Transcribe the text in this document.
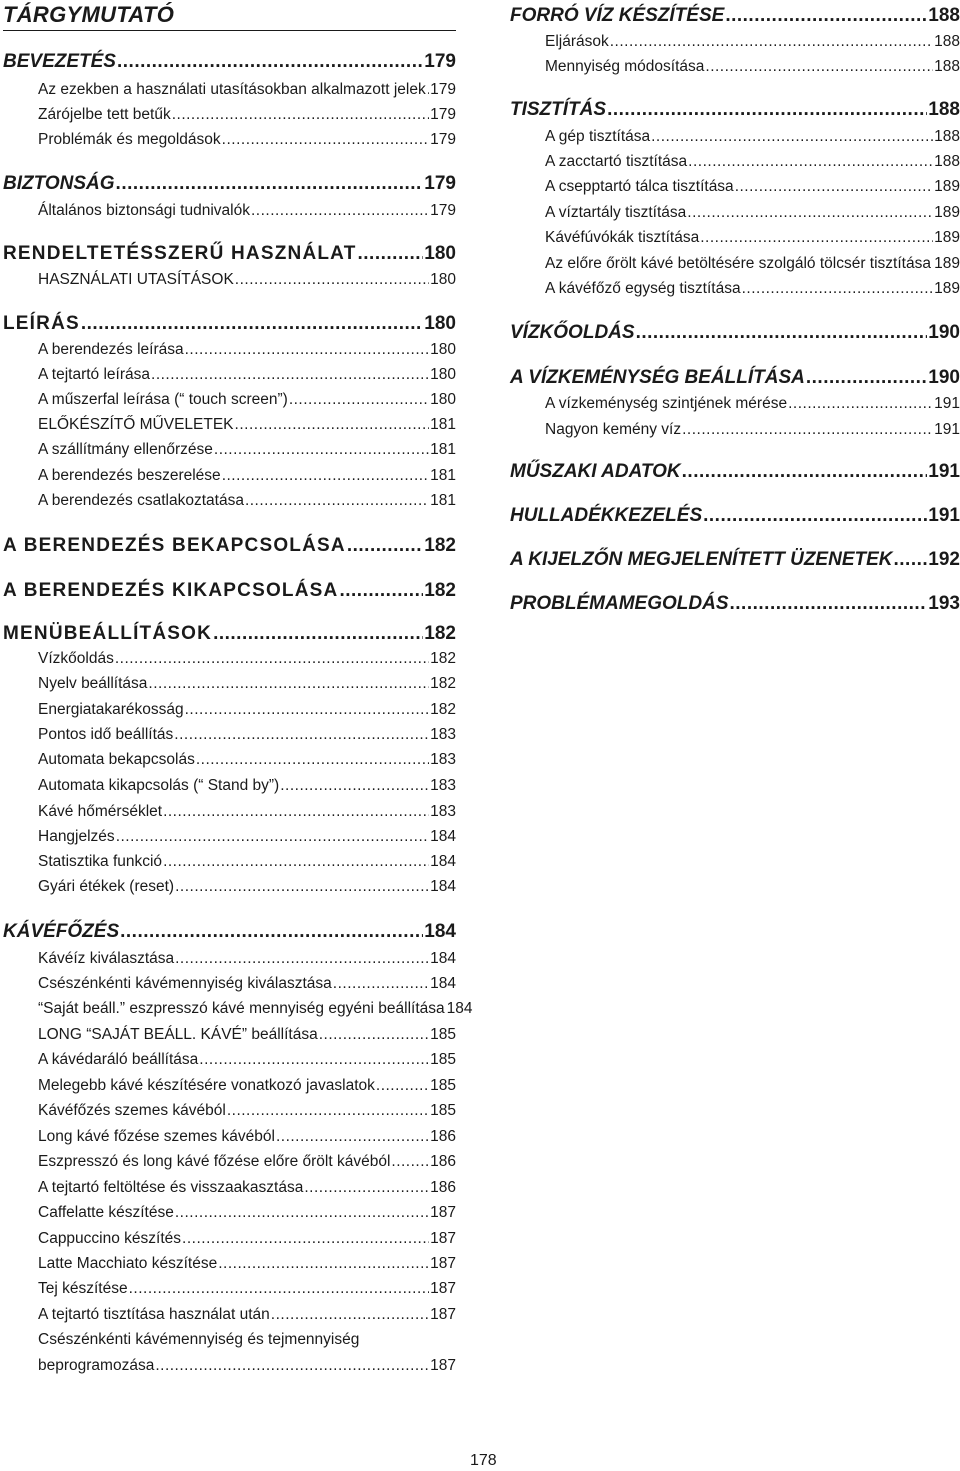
TÁRGYMUTATÓ
BEVEZETÉS .....	179
Az ezekben a használati utasításokban alkalmazott jelek ..... 179
Zárójelbe tett betűk .....	179
Problémák és megoldások .....	179
BIZTONSÁG .....	179
Általános biztonsági tudnivalók .....	179
RENDELTETÉSSZERŰ HASZNÁLAT .....	180
HASZNÁLATI UTASÍTÁSOK .....	180
LEÍRÁS .....	180
A berendezés leírása .....	180
A tejtartó leírása .....	180
A műszerfal leírása (“ touch screen”) .....	180
ELŐKÉSZÍTŐ MŰVELETEK .....	181
A szállítmány ellenőrzése .....	181
A berendezés beszerelése .....	181
A berendezés csatlakoztatása .....	181
A BERENDEZÉS BEKAPCSOLÁSA .....	182
A BERENDEZÉS KIKAPCSOLÁSA .....	182
MENÜBEÁLLÍTÁSOK .....	182
Vízkőoldás .....	182
Nyelv beállítása .....	182
Energiatakarékosság .....	182
Pontos idő beállítás .....	183
Automata bekapcsolás .....	183
Automata kikapcsolás (“ Stand by”) .....	183
Kávé hőmérséklet .....	183
Hangjelzés .....	184
Statisztika funkció .....	184
Gyári étékek (reset) .....	184
KÁVÉFŐZÉS .....	184
Kávéíz kiválasztása .....	184
Csészénkénti kávémennyiség kiválasztása .....	184
“Saját beáll.” eszpresszó kávé mennyiség egyéni beállítása 184
LONG “SAJÁT BEÁLL. KÁVÉ” beállítása .....	185
A kávédaráló beállítása .....	185
Melegebb kávé készítésére vonatkozó javaslatok .....	185
Kávéfőzés szemes kávéból .....	185
Long kávé főzése szemes kávéból .....	186
Eszpresszó és long kávé főzése előre őrölt kávéból .....	186
A tejtartó feltöltése és visszaakasztása .....	186
Caffelatte készítése .....	187
Cappuccino készítés .....	187
Latte Macchiato készítése .....	187
Tej készítése .....	187
A tejtartó tisztítása használat után .....	187
Csészénkénti kávémennyiség és tejmennyiség
beprogramozása .....	187
FORRÓ VÍZ KÉSZÍTÉSE .....	188
Eljárások .....	188
Mennyiség módosítása .....	188
TISZTÍTÁS .....	188
A gép tisztítása .....	188
A zacctartó tisztítása .....	188
A csepptartó tálca tisztítása .....	189
A víztartály tisztítása .....	189
Kávéfúvókák tisztítása .....	189
Az előre őrölt kávé betöltésére szolgáló tölcsér tisztítása ..... 189
A kávéfőző egység tisztítása .....	189
VÍZKŐOLDÁS .....	190
A VÍZKEMÉNYSÉG BEÁLLÍTÁSA .....	190
A vízkeménység szintjének mérése .....	191
Nagyon kemény víz .....	191
MŰSZAKI ADATOK .....	191
HULLADÉKKEZELÉS .....	191
A KIJELZŐN MEGJELENÍTETT ÜZENETEK ..... 192
PROBLÉMAMEGOLDÁS .....	193
178
